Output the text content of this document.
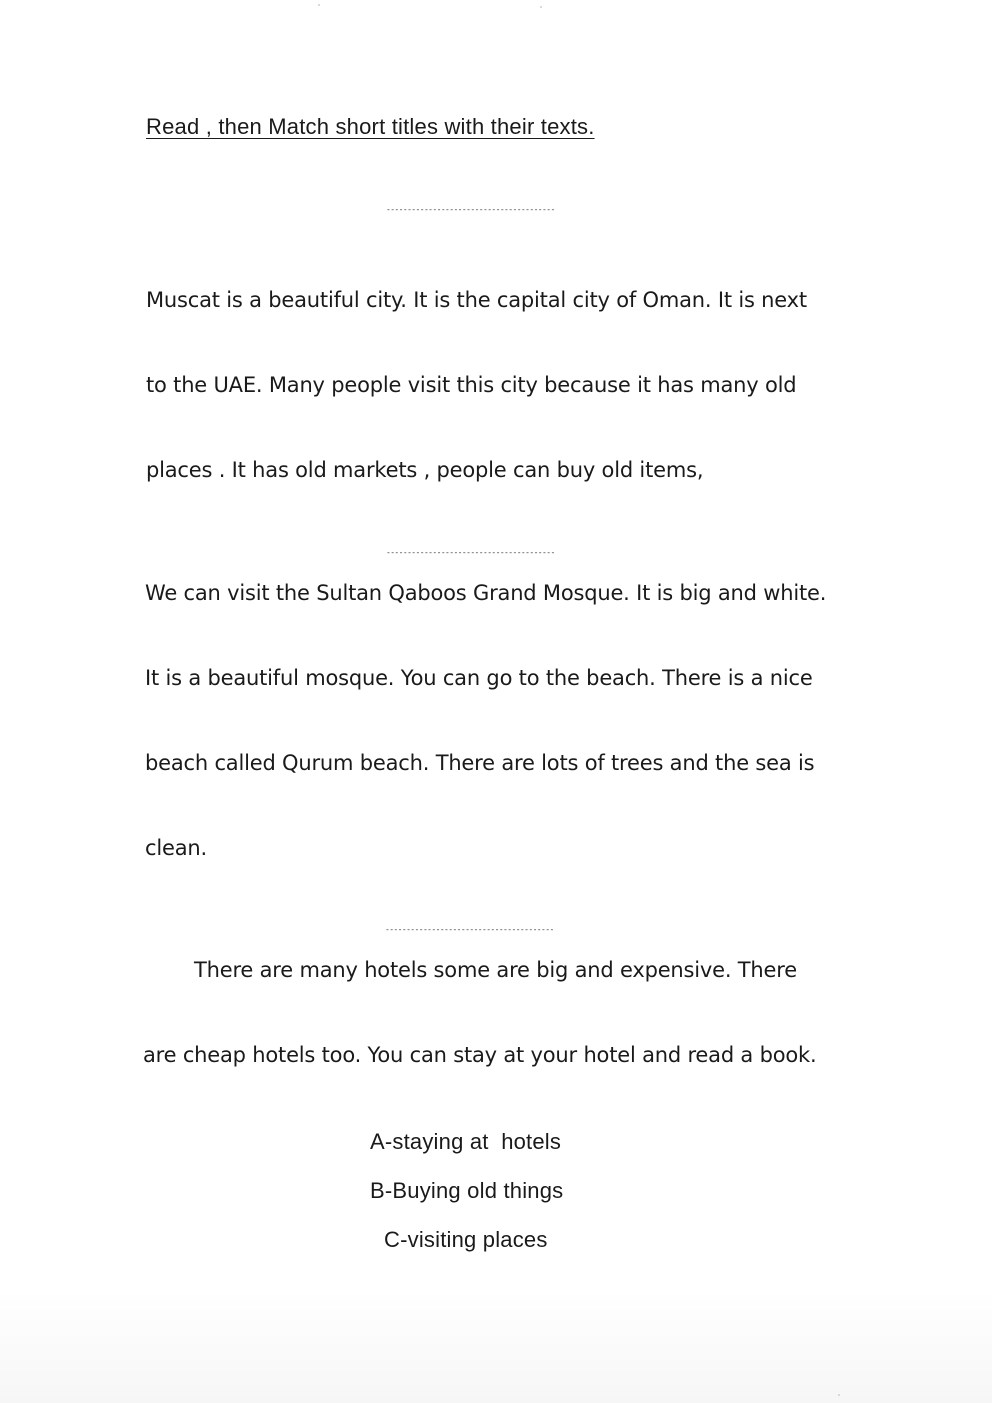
Read , then Match short titles with their texts.
----------------------------------------
Muscat is a beautiful city. It is the capital city of Oman. It is next
to the UAE. Many people visit this city because it has many old
places . It has old markets , people can buy old items,
----------------------------------------
We can visit the Sultan Qaboos Grand Mosque. It is big and white.
It is a beautiful mosque. You can go to the beach. There is a nice
beach called Qurum beach. There are lots of trees and the sea is
clean.
----------------------------------------
There are many hotels some are big and expensive. There
are cheap hotels too. You can stay at your hotel and read a book.
A-staying at  hotels
B-Buying old things
C-visiting places
